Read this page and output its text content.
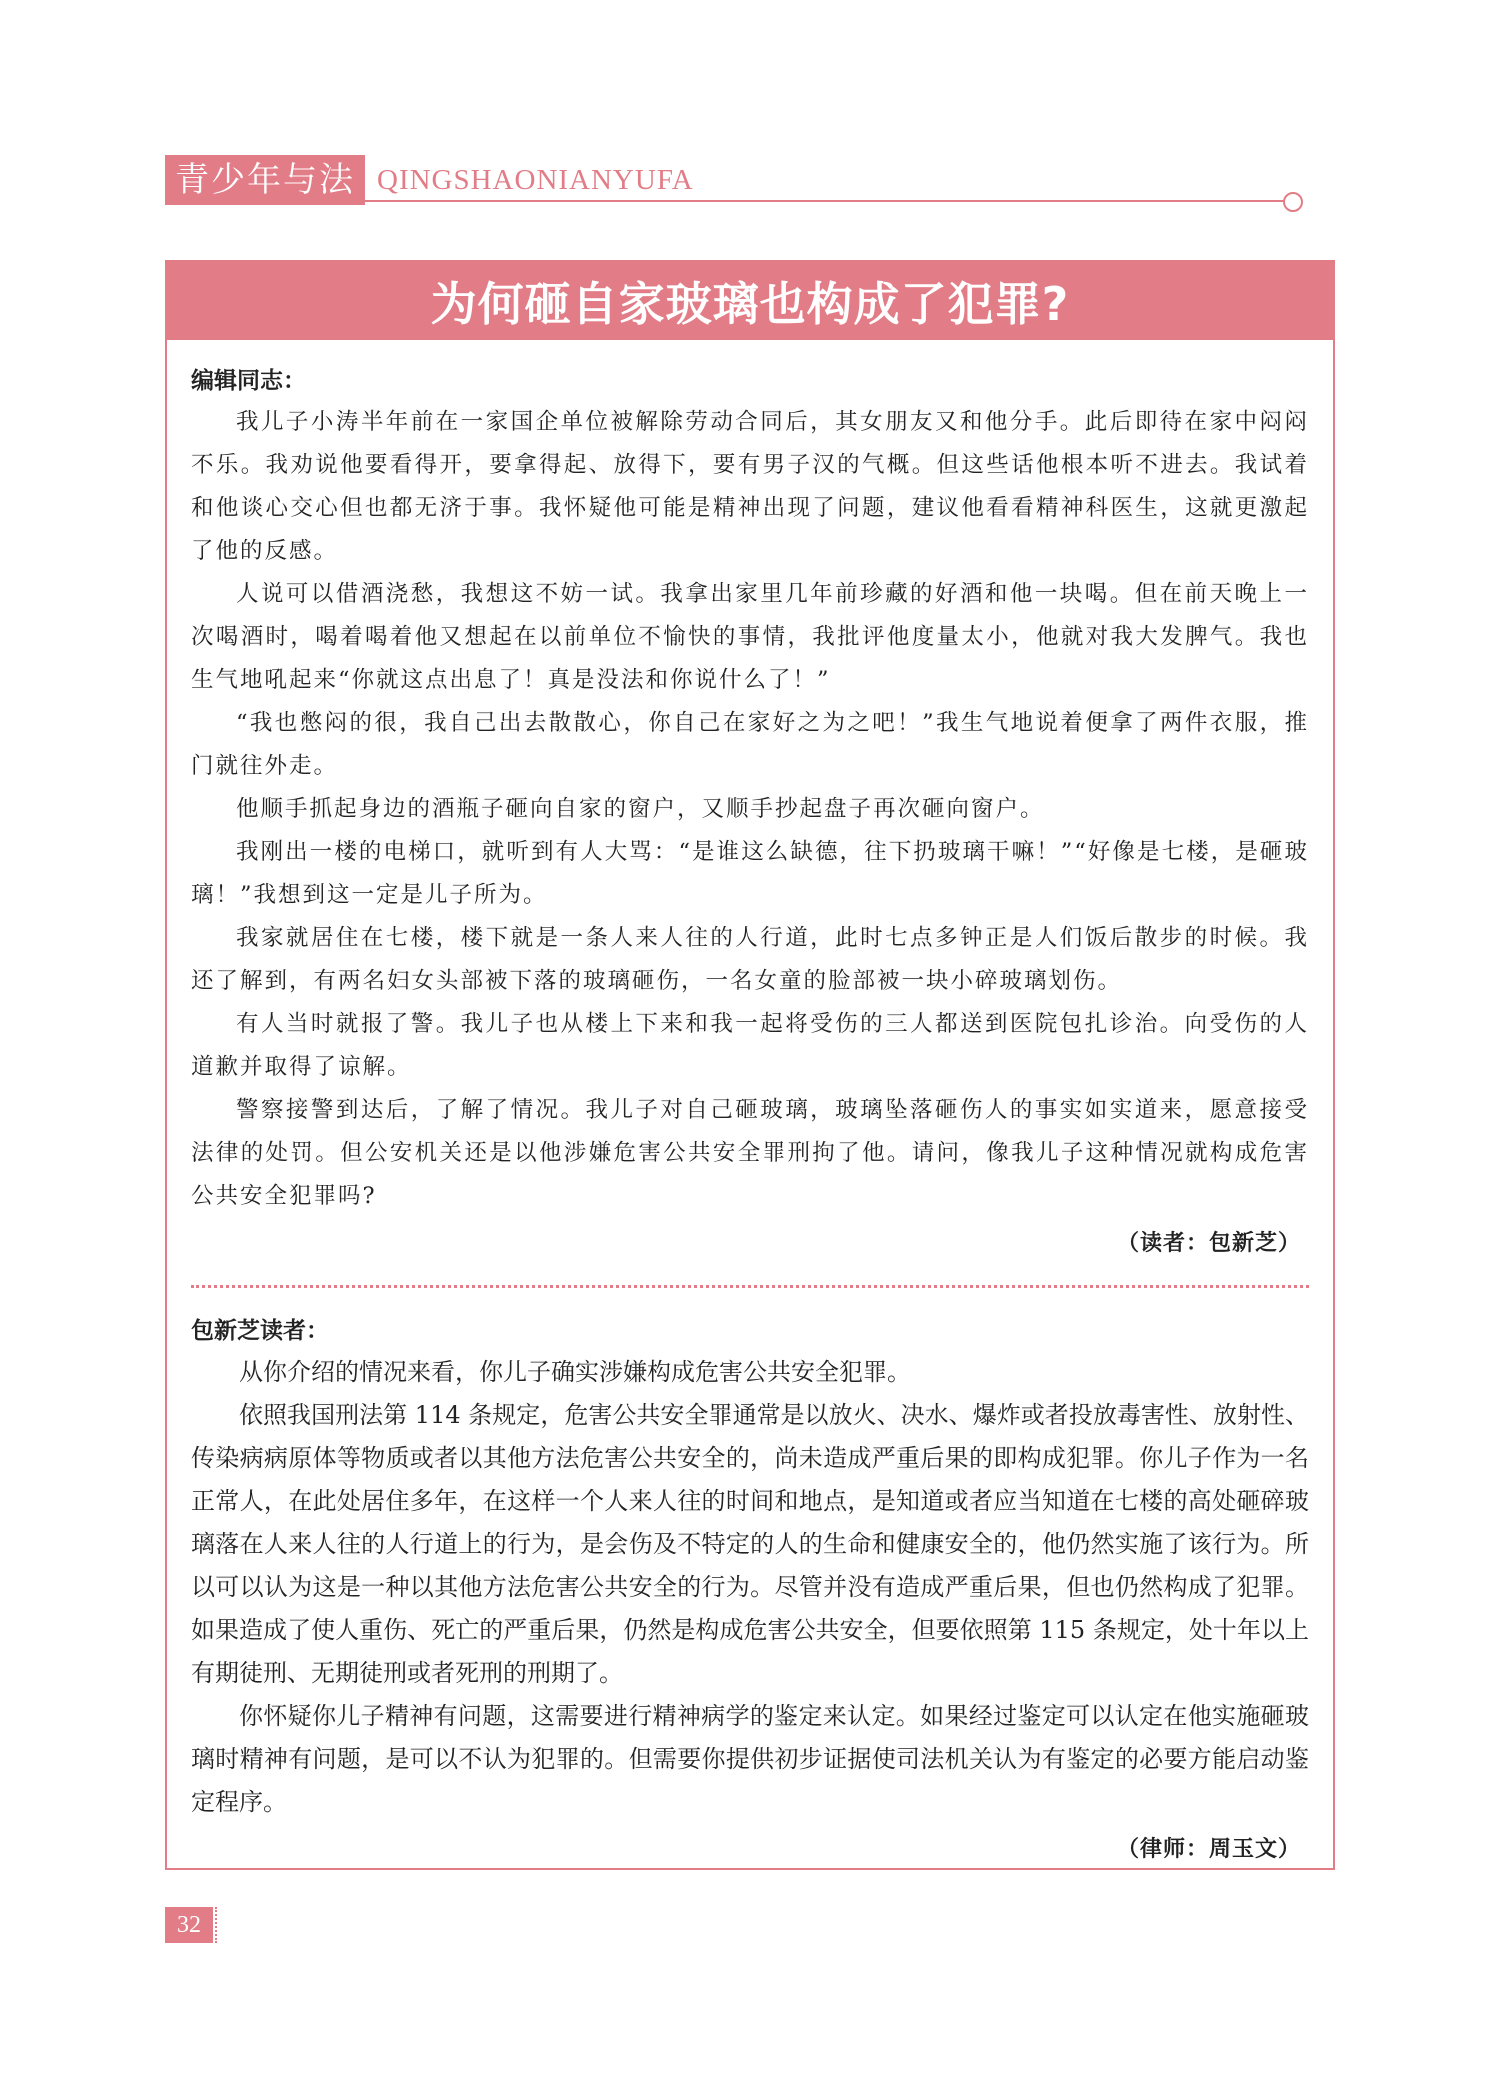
青少年与法 QINGSHAONIANYUFA
为何砸自家玻璃也构成了犯罪?
编辑同志：

我儿子小涛半年前在一家国企单位被解除劳动合同后，其女朋友又和他分手。此后即待在家中闷闷不乐。我劝说他要看得开，要拿得起、放得下，要有男子汉的气概。但这些话他根本听不进去。我试着和他谈心交心但也都无济于事。我怀疑他可能是精神出现了问题，建议他看看精神科医生，这就更激起了他的反感。

人说可以借酒浇愁，我想这不妨一试。我拿出家里几年前珍藏的好酒和他一块喝。但在前天晚上一次喝酒时，喝着喝着他又想起在以前单位不愉快的事情，我批评他度量太小，他就对我大发脾气。我也生气地吼起来“你就这点出息了！真是没法和你说什么了！”

“我也憋闷的很，我自己出去散散心，你自己在家好之为之吧！”我生气地说着便拿了两件衣服，推门就往外走。

他顺手抓起身边的酒瓶子砸向自家的窗户，又顺手抄起盘子再次砸向窗户。

我刚出一楼的电梯口，就听到有人大骂：“是谁这么缺德，往下扔玻璃干嘛！”“好像是七楼，是砸玻璃！”我想到这一定是儿子所为。

我家就居住在七楼，楼下就是一条人来人往的人行道，此时七点多钟正是人们饭后散步的时候。我还了解到，有两名妇女头部被下落的玻璃砸伤，一名女童的脸部被一块小碎玻璃划伤。

有人当时就报了警。我儿子也从楼上下来和我一起将受伤的三人都送到医院包扎诊治。向受伤的人道歉并取得了谅解。

警察接警到达后，了解了情况。我儿子对自己砸玻璃，玻璃坠落砸伤人的事实如实道来，愿意接受法律的处罚。但公安机关还是以他涉嫌危害公共安全罪刑拘了他。请问，像我儿子这种情况就构成危害公共安全犯罪吗?

（读者：包新芝）
包新芝读者：

从你介绍的情况来看，你儿子确实涉嫌构成危害公共安全犯罪。

依照我国刑法第 114 条规定，危害公共安全罪通常是以放火、决水、爆炸或者投放毒害性、放射性、传染病病原体等物质或者以其他方法危害公共安全的，尚未造成严重后果的即构成犯罪。你儿子作为一名正常人，在此处居住多年，在这样一个人来人往的时间和地点，是知道或者应当知道在七楼的高处砸碎玻璃落在人来人往的人行道上的行为，是会伤及不特定的人的生命和健康安全的，他仍然实施了该行为。所以可以认为这是一种以其他方法危害公共安全的行为。尽管并没有造成严重后果，但也仍然构成了犯罪。如果造成了使人重伤、死亡的严重后果，仍然是构成危害公共安全，但要依照第 115 条规定，处十年以上有期徒刑、无期徒刑或者死刑的刑期了。

你怀疑你儿子精神有问题，这需要进行精神病学的鉴定来认定。如果经过鉴定可以认定在他实施砸玻璃时精神有问题，是可以不认为犯罪的。但需要你提供初步证据使司法机关认为有鉴定的必要方能启动鉴定程序。

（律师：周玉文）
32
